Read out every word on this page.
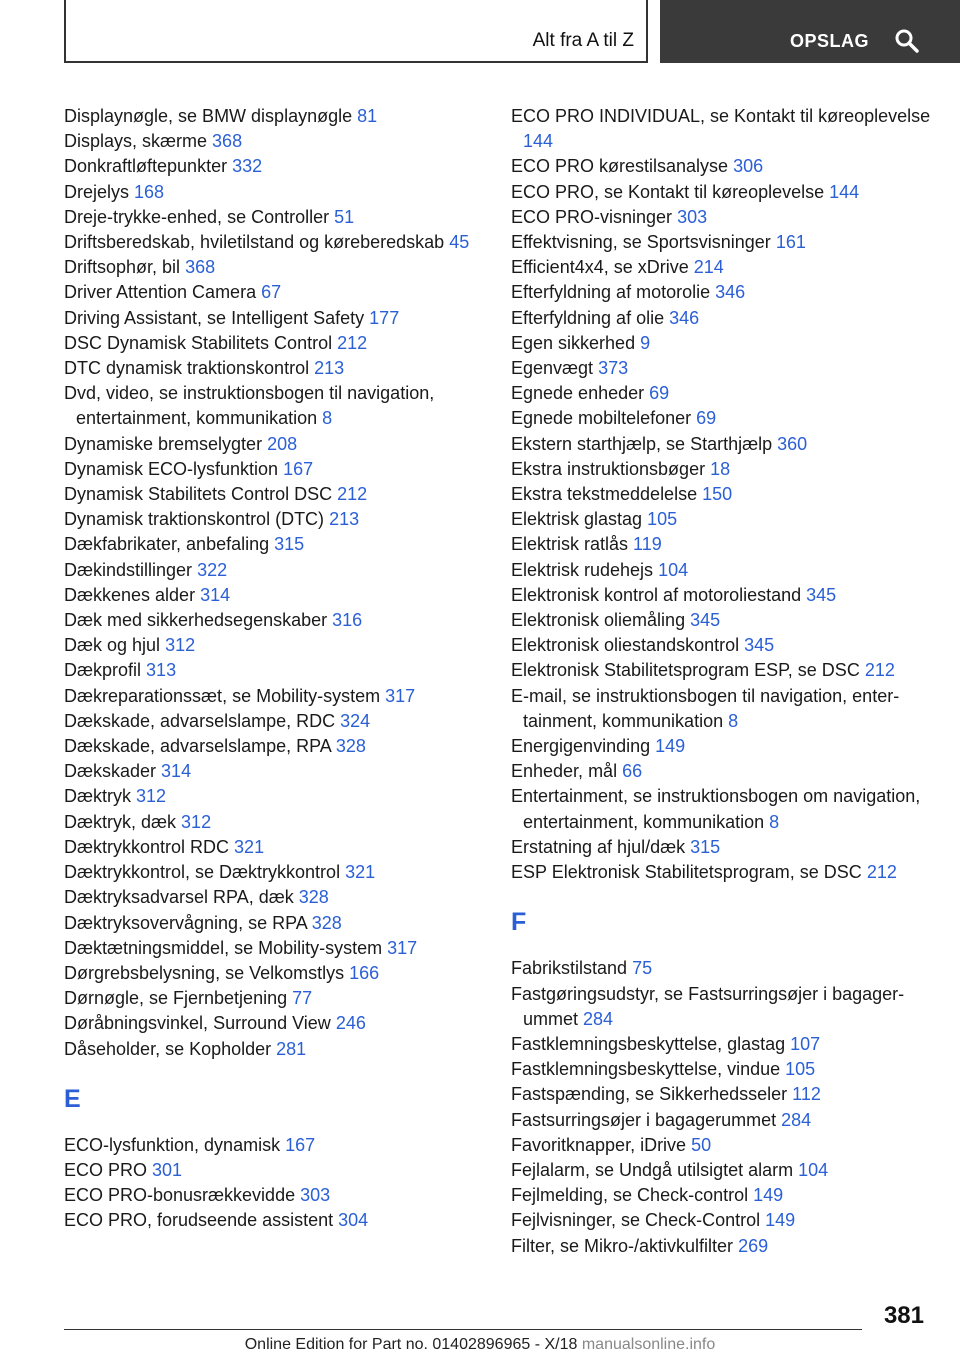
Alt fra A til Z	OPSLAG
Displaynøgle, se BMW displaynøgle 81
Displays, skærme 368
Donkraftløftepunkter 332
Drejelys 168
Dreje-trykke-enhed, se Controller 51
Driftsberedskab, hviletilstand og køreberedskab 45
Driftsophør, bil 368
Driver Attention Camera 67
Driving Assistant, se Intelligent Safety 177
DSC Dynamisk Stabilitets Control 212
DTC dynamisk traktionskontrol 213
Dvd, video, se instruktionsbogen til navigation, entertainment, kommunikation 8
Dynamiske bremselygter 208
Dynamisk ECO-lysfunktion 167
Dynamisk Stabilitets Control DSC 212
Dynamisk traktionskontrol (DTC) 213
Dækfabrikater, anbefaling 315
Dækindstillinger 322
Dækkenes alder 314
Dæk med sikkerhedsegenskaber 316
Dæk og hjul 312
Dækprofil 313
Dækreparationssæt, se Mobility-system 317
Dækskade, advarselslampe, RDC 324
Dækskade, advarselslampe, RPA 328
Dækskader 314
Dæktryk 312
Dæktryk, dæk 312
Dæktrykkontrol RDC 321
Dæktrykkontrol, se Dæktrykkontrol 321
Dæktryksadvarsel RPA, dæk 328
Dæktryksovervågning, se RPA 328
Dæktætningsmiddel, se Mobility-system 317
Dørgrebsbelysning, se Velkomstlys 166
Dørnøgle, se Fjernbetjening 77
Døråbningsvinkel, Surround View 246
Dåseholder, se Kopholder 281
E
ECO-lysfunktion, dynamisk 167
ECO PRO 301
ECO PRO-bonusrækkevidde 303
ECO PRO, forudseende assistent 304
ECO PRO INDIVIDUAL, se Kontakt til køreoplevelse 144
ECO PRO kørestilsanalyse 306
ECO PRO, se Kontakt til køreoplevelse 144
ECO PRO-visninger 303
Effektvisning, se Sportsvisninger 161
Efficient4x4, se xDrive 214
Efterfyldning af motorolie 346
Efterfyldning af olie 346
Egen sikkerhed 9
Egenvægt 373
Egnede enheder 69
Egnede mobiltelefoner 69
Ekstern starthjælp, se Starthjælp 360
Ekstra instruktionsbøger 18
Ekstra tekstmeddelelse 150
Elektrisk glastag 105
Elektrisk ratlås 119
Elektrisk rudehejs 104
Elektronisk kontrol af motoroliestand 345
Elektronisk oliemåling 345
Elektronisk oliestandskontrol 345
Elektronisk Stabilitetsprogram ESP, se DSC 212
E-mail, se instruktionsbogen til navigation, entertainment, kommunikation 8
Energigenvinding 149
Enheder, mål 66
Entertainment, se instruktionsbogen om navigation, entertainment, kommunikation 8
Erstatning af hjul/dæk 315
ESP Elektronisk Stabilitetsprogram, se DSC 212
F
Fabrikstilstand 75
Fastgøringsudstyr, se Fastsurringsøjer i bagagerummet 284
Fastklemningsbeskyttelse, glastag 107
Fastklemningsbeskyttelse, vindue 105
Fastspænding, se Sikkerhedsseler 112
Fastsurringsøjer i bagagerummet 284
Favoritknapper, iDrive 50
Fejlalarm, se Undgå utilsigtet alarm 104
Fejlmelding, se Check-control 149
Fejlvisninger, se Check-Control 149
Filter, se Mikro-/aktivkulfilter 269
381
Online Edition for Part no. 01402896965 - X/18 manualsonline.info
